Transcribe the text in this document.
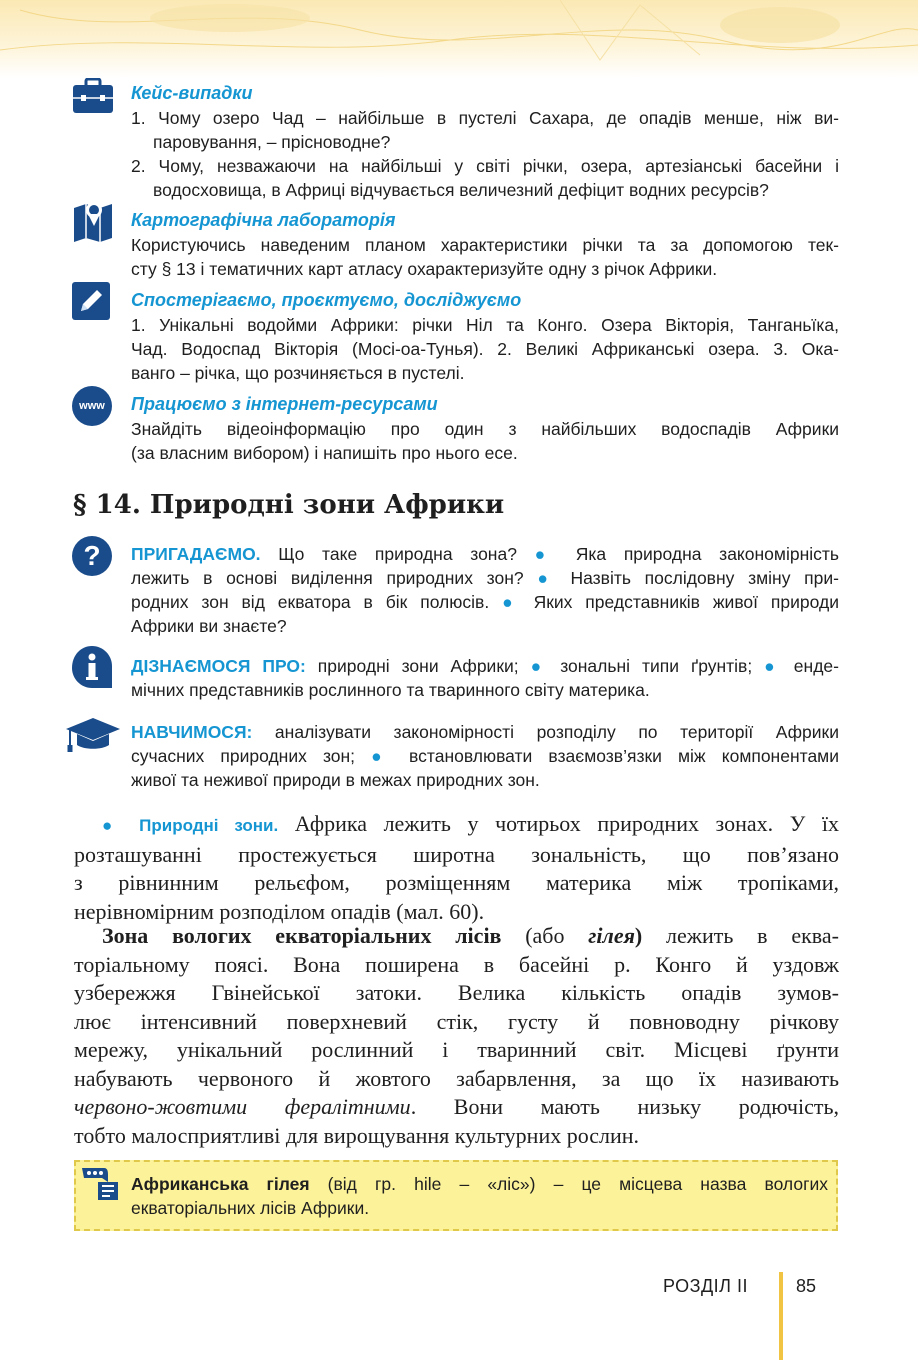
Кейс-випадки
1. Чому озеро Чад – найбільше в пустелі Сахара, де опадів менше, ніж ви-
паровування, – прісноводне?
2. Чому, незважаючи на найбільші у світі річки, озера, артезіанські басейни і
водосховища, в Африці відчувається величезний дефіцит водних ресурсів?
Картографічна лабораторія
Користуючись наведеним планом характеристики річки та за допомогою тек-
сту § 13 і тематичних карт атласу охарактеризуйте одну з річок Африки.
Спостерігаємо, проєктуємо, досліджуємо
1. Унікальні водойми Африки: річки Ніл та Конго. Озера Вікторія, Танганьїка,
Чад. Водоспад Вікторія (Мосі-оа-Тунья). 2. Великі Африканські озера. 3. Ока-
ванго – річка, що розчиняється в пустелі.
www	Працюємо з інтернет-ресурсами
Знайдіть відеоінформацію про один з найбільших водоспадів Африки
(за власним вибором) і напишіть про нього есе.
§ 14. Природні зони Африки
?	ПРИГАДАЄМО. Що таке природна зона? ● Яка природна закономірність
лежить в основі виділення природних зон? ● Назвіть послідовну зміну при-
родних зон від екватора в бік полюсів. ● Яких представників живої природи
Африки ви знаєте?
ДІЗНАЄМОСЯ ПРО: природні зони Африки; ● зональні типи ґрунтів; ● енде-
мічних представників рослинного та тваринного світу материка.
НАВЧИМОСЯ: аналізувати закономірності розподілу по території Африки
сучасних природних зон; ● встановлювати взаємозв’язки між компонентами
живої та неживої природи в межах природних зон.
● Природні зони. Африка лежить у чотирьох природних зонах. У їх
розташуванні простежується широтна зональність, що пов’язано
з рівнинним рельєфом, розміщенням материка між тропіками,
нерівномірним розподілом опадів (мал. 60).
Зона вологих екваторіальних лісів (або гілея) лежить в еква-
торіальному поясі. Вона поширена в басейні р. Конго й уздовж
узбережжя Гвінейської затоки. Велика кількість опадів зумов-
лює інтенсивний поверхневий стік, густу й повноводну річкову
мережу, унікальний рослинний і тваринний світ. Місцеві ґрунти
набувають червоного й жовтого забарвлення, за що їх називають
червоно-жовтими фералітними. Вони мають низьку родючість,
тобто малосприятливі для вирощування культурних рослин.
Африканська гілея (від гр. hile – «ліс») – це місцева назва вологих
екваторіальних лісів Африки.
РОЗДІЛ II	85
